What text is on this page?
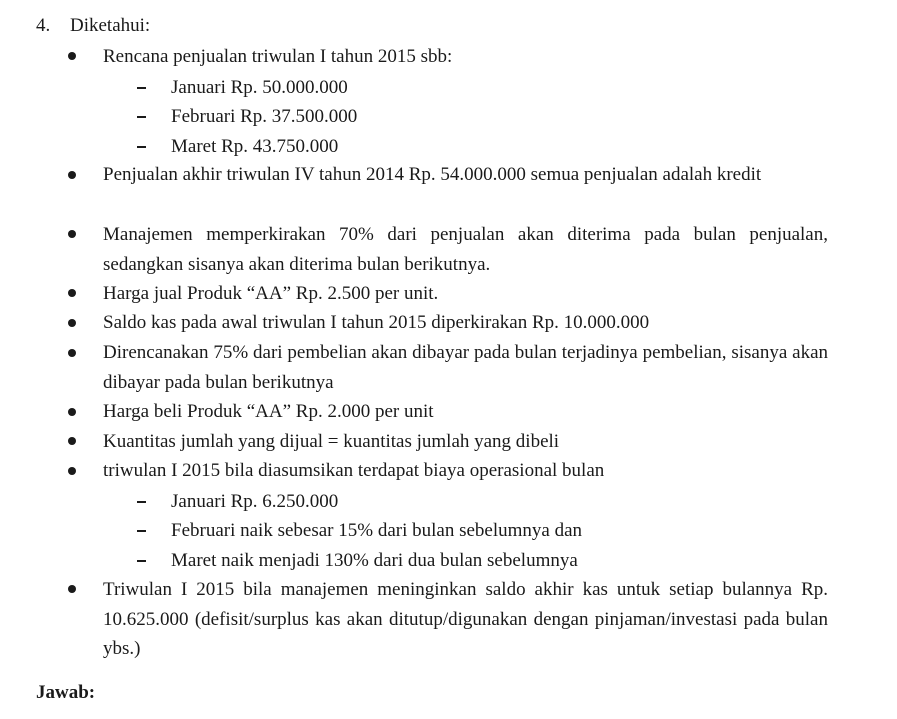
4. Diketahui:
Rencana penjualan triwulan I tahun 2015 sbb:
Januari Rp. 50.000.000
Februari Rp. 37.500.000
Maret Rp. 43.750.000
Penjualan akhir triwulan IV tahun 2014 Rp. 54.000.000 semua penjualan adalah kredit
Manajemen memperkirakan 70% dari penjualan akan diterima pada bulan penjualan, sedangkan sisanya akan diterima bulan berikutnya.
Harga jual Produk “AA” Rp. 2.500 per unit.
Saldo kas pada awal triwulan I tahun 2015 diperkirakan Rp. 10.000.000
Direncanakan 75% dari pembelian akan dibayar pada bulan terjadinya pembelian, sisanya akan dibayar pada bulan berikutnya
Harga beli Produk “AA” Rp. 2.000 per unit
Kuantitas jumlah yang dijual = kuantitas jumlah yang dibeli
triwulan I 2015 bila diasumsikan terdapat biaya operasional bulan
Januari Rp. 6.250.000
Februari naik sebesar 15% dari bulan sebelumnya dan
Maret naik menjadi 130% dari dua bulan sebelumnya
Triwulan I 2015 bila manajemen meninginkan saldo akhir kas untuk setiap bulannya Rp. 10.625.000 (defisit/surplus kas akan ditutup/digunakan dengan pinjaman/investasi pada bulan ybs.)
Jawab:
